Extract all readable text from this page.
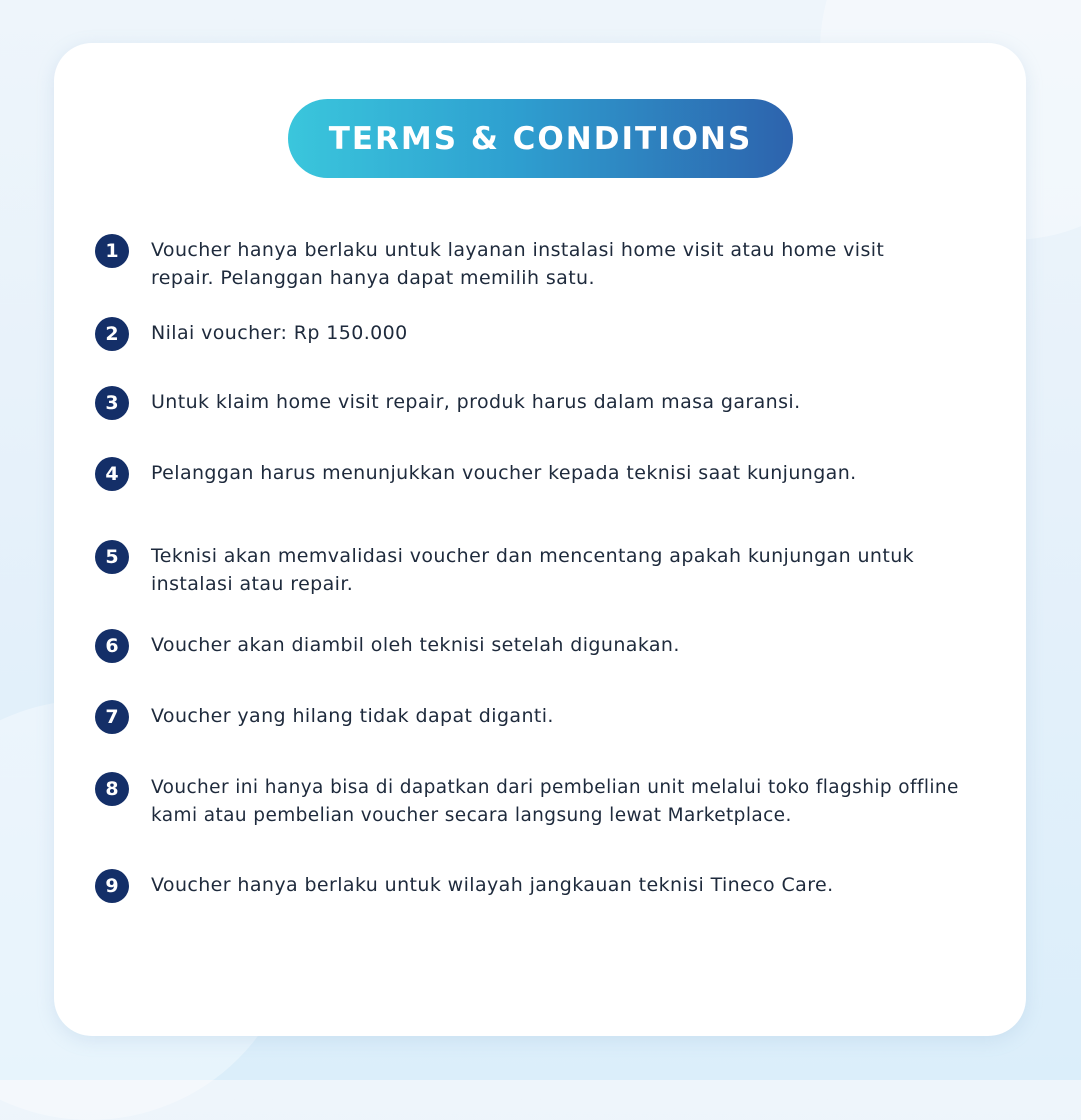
TERMS & CONDITIONS
1	Voucher hanya berlaku untuk layanan instalasi home visit atau home visit repair. Pelanggan hanya dapat memilih satu.
2	Nilai voucher: Rp 150.000
3	Untuk klaim home visit repair, produk harus dalam masa garansi.
4	Pelanggan harus menunjukkan voucher kepada teknisi saat kunjungan.
5	Teknisi akan memvalidasi voucher dan mencentang apakah kunjungan untuk instalasi atau repair.
6	Voucher akan diambil oleh teknisi setelah digunakan.
7	Voucher yang hilang tidak dapat diganti.
8	Voucher ini hanya bisa di dapatkan dari pembelian unit melalui toko flagship offline kami atau pembelian voucher secara langsung lewat Marketplace.
9	Voucher hanya berlaku untuk wilayah jangkauan teknisi Tineco Care.
